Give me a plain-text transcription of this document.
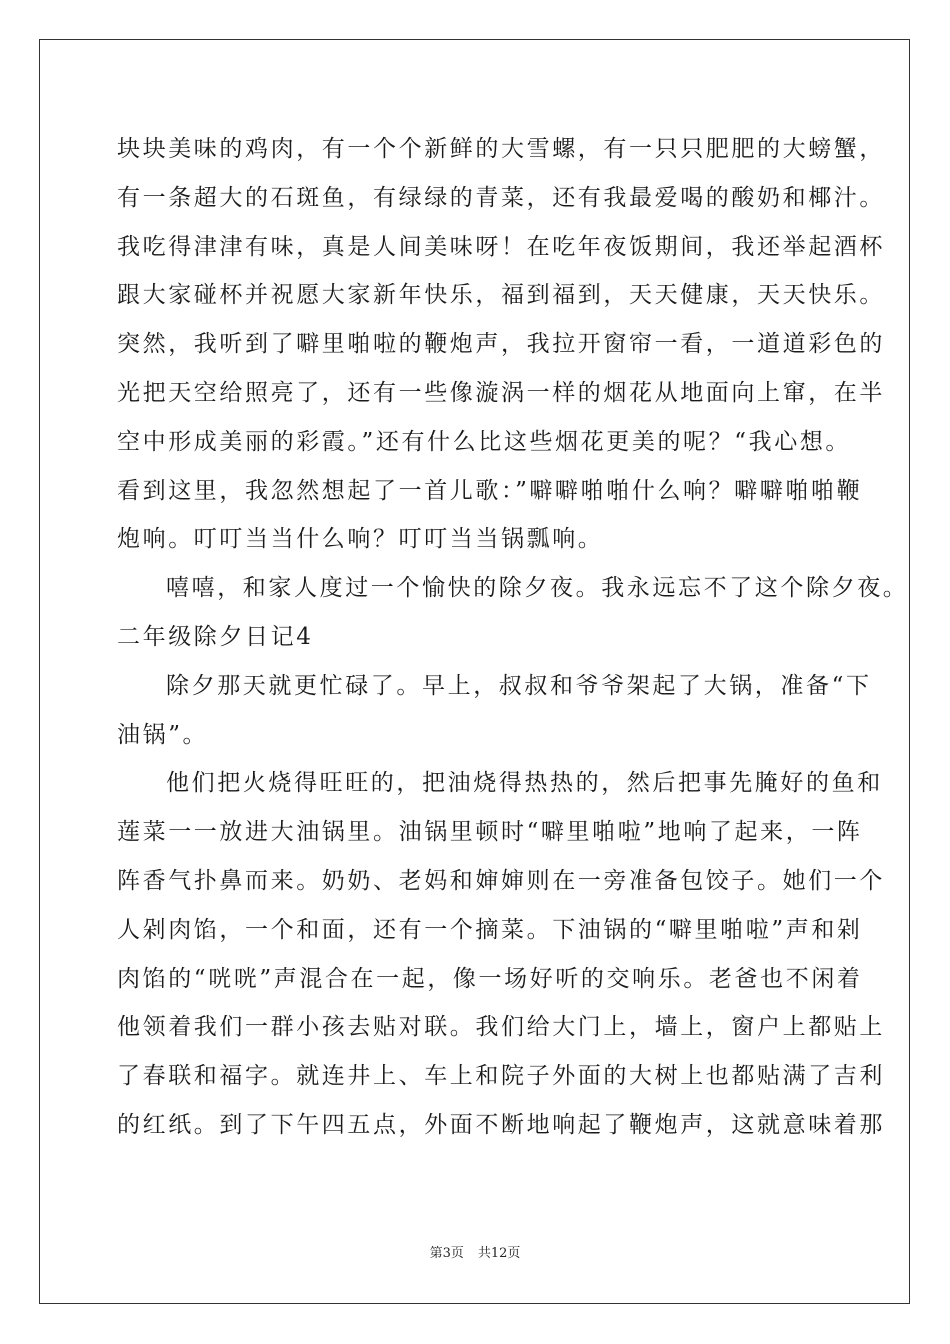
块块美味的鸡肉，有一个个新鲜的大雪螺，有一只只肥肥的大螃蟹，
有一条超大的石斑鱼，有绿绿的青菜，还有我最爱喝的酸奶和椰汁。
我吃得津津有味，真是人间美味呀！在吃年夜饭期间，我还举起酒杯
跟大家碰杯并祝愿大家新年快乐，福到福到，天天健康，天天快乐。
突然，我听到了噼里啪啦的鞭炮声，我拉开窗帘一看，一道道彩色的
光把天空给照亮了，还有一些像漩涡一样的烟花从地面向上窜，在半
空中形成美丽的彩霞。”还有什么比这些烟花更美的呢？“我心想。
看到这里，我忽然想起了一首儿歌：”噼噼啪啪什么响？噼噼啪啪鞭
炮响。叮叮当当什么响？叮叮当当锅瓢响。
嘻嘻，和家人度过一个愉快的除夕夜。我永远忘不了这个除夕夜。
二年级除夕日记4
除夕那天就更忙碌了。早上，叔叔和爷爷架起了大锅，准备“下
油锅”。
他们把火烧得旺旺的，把油烧得热热的，然后把事先腌好的鱼和
莲菜一一放进大油锅里。油锅里顿时“噼里啪啦”地响了起来，一阵
阵香气扑鼻而来。奶奶、老妈和婶婶则在一旁准备包饺子。她们一个
人剁肉馅，一个和面，还有一个摘菜。下油锅的“噼里啪啦”声和剁
肉馅的“咣咣”声混合在一起，像一场好听的交响乐。老爸也不闲着
他领着我们一群小孩去贴对联。我们给大门上，墙上，窗户上都贴上
了春联和福字。就连井上、车上和院子外面的大树上也都贴满了吉利
的红纸。到了下午四五点，外面不断地响起了鞭炮声，这就意味着那
第3页 共12页
